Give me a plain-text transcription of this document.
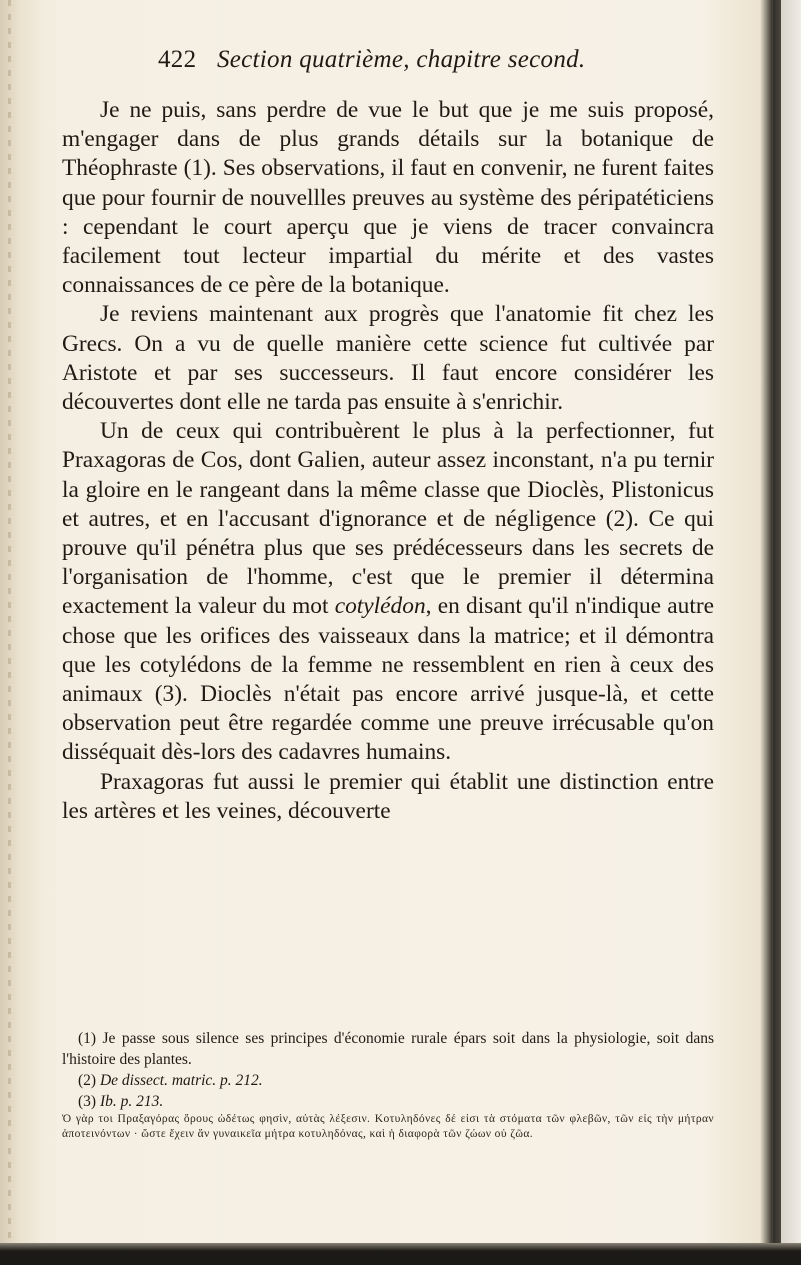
422 Section quatrième, chapitre second.

Je ne puis, sans perdre de vue le but que je me suis proposé, m'engager dans de plus grands détails sur la botanique de Théophraste (1). Ses observations, il faut en convenir, ne furent faites que pour fournir de nouvellles preuves au système des péripatéticiens : cependant le court aperçu que je viens de tracer convaincra facilement tout lecteur impartial du mérite et des vastes connaissances de ce père de la botanique.

Je reviens maintenant aux progrès que l'anatomie fit chez les Grecs. On a vu de quelle manière cette science fut cultivée par Aristote et par ses successeurs. Il faut encore considérer les découvertes dont elle ne tarda pas ensuite à s'enrichir.

Un de ceux qui contribuèrent le plus à la perfectionner, fut Praxagoras de Cos, dont Galien, auteur assez inconstant, n'a pu ternir la gloire en le rangeant dans la même classe que Dioclès, Plistonicus et autres, et en l'accusant d'ignorance et de négligence (2). Ce qui prouve qu'il pénétra plus que ses prédécesseurs dans les secrets de l'organisation de l'homme, c'est que le premier il détermina exactement la valeur du mot cotylédon, en disant qu'il n'indique autre chose que les orifices des vaisseaux dans la matrice; et il démontra que les cotylédons de la femme ne ressemblent en rien à ceux des animaux (3). Dioclès n'était pas encore arrivé jusque-là, et cette observation peut être regardée comme une preuve irrécusable qu'on disséquait dès-lors des cadavres humains.

Praxagoras fut aussi le premier qui établit une distinction entre les artères et les veines, découverte

(1) Je passe sous silence ses principes d'économie rurale épars soit dans la physiologie, soit dans l'histoire des plantes.

(2) De dissect. matric. p. 212.

(3) Ib. p. 213.

Ὁ γὰρ τοι Πραξαγόρας ὅρους ὠδέτως φησὶν, αὐτὰς λέξεσιν. Κοτυληδόνες δέ εἰσι τὰ στόματα τῶν φλεβῶν, τῶν εἰς τὴν μήτραν ἀποτεινόντων · ὥστε ἔχειν ἄν γυναικεῖα μήτρα κοτυληδόνας, καὶ ἡ διαφορὰ τῶν ζώων οὐ ζῶα.
